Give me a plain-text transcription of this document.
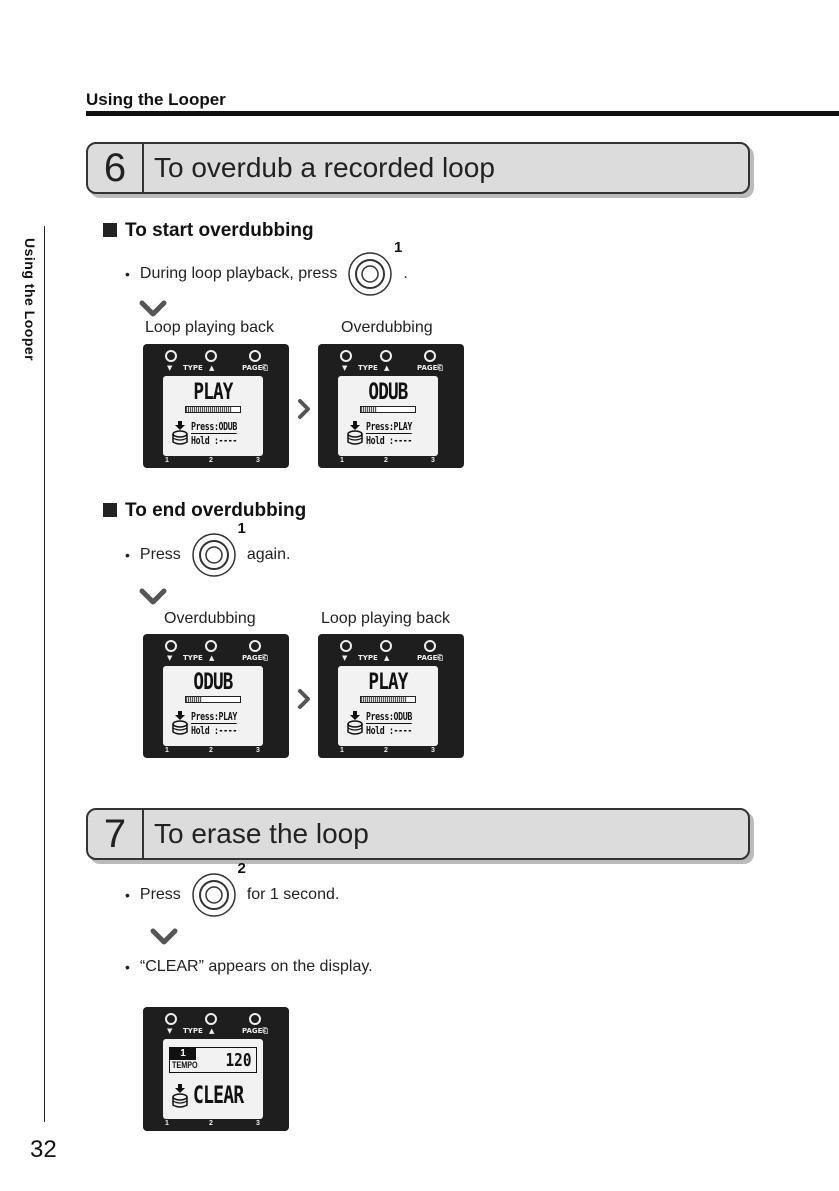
Using the Looper
Using the Looper
6 To overdub a recorded loop
To start overdubbing
• During loop playback, press
1
.
Loop playing back	Overdubbing
▼ TYPE ▲	PAGE⎗
1	2	3
PLAY
Press:ODUB
Hold :----
▼ TYPE ▲	PAGE⎗
1	2	3
ODUB
Press:PLAY
Hold :----
To end overdubbing
• Press
1
again.
Overdubbing	Loop playing back
▼ TYPE ▲	PAGE⎗
1	2	3
ODUB
Press:PLAY
Hold :----
▼ TYPE ▲	PAGE⎗
1	2	3
PLAY
Press:ODUB
Hold :----
7 To erase the loop
• Press
2
for 1 second.
• “CLEAR” appears on the display.
▼ TYPE ▲	PAGE⎗
1	2	3
1
TEMPO 120
CLEAR
32
